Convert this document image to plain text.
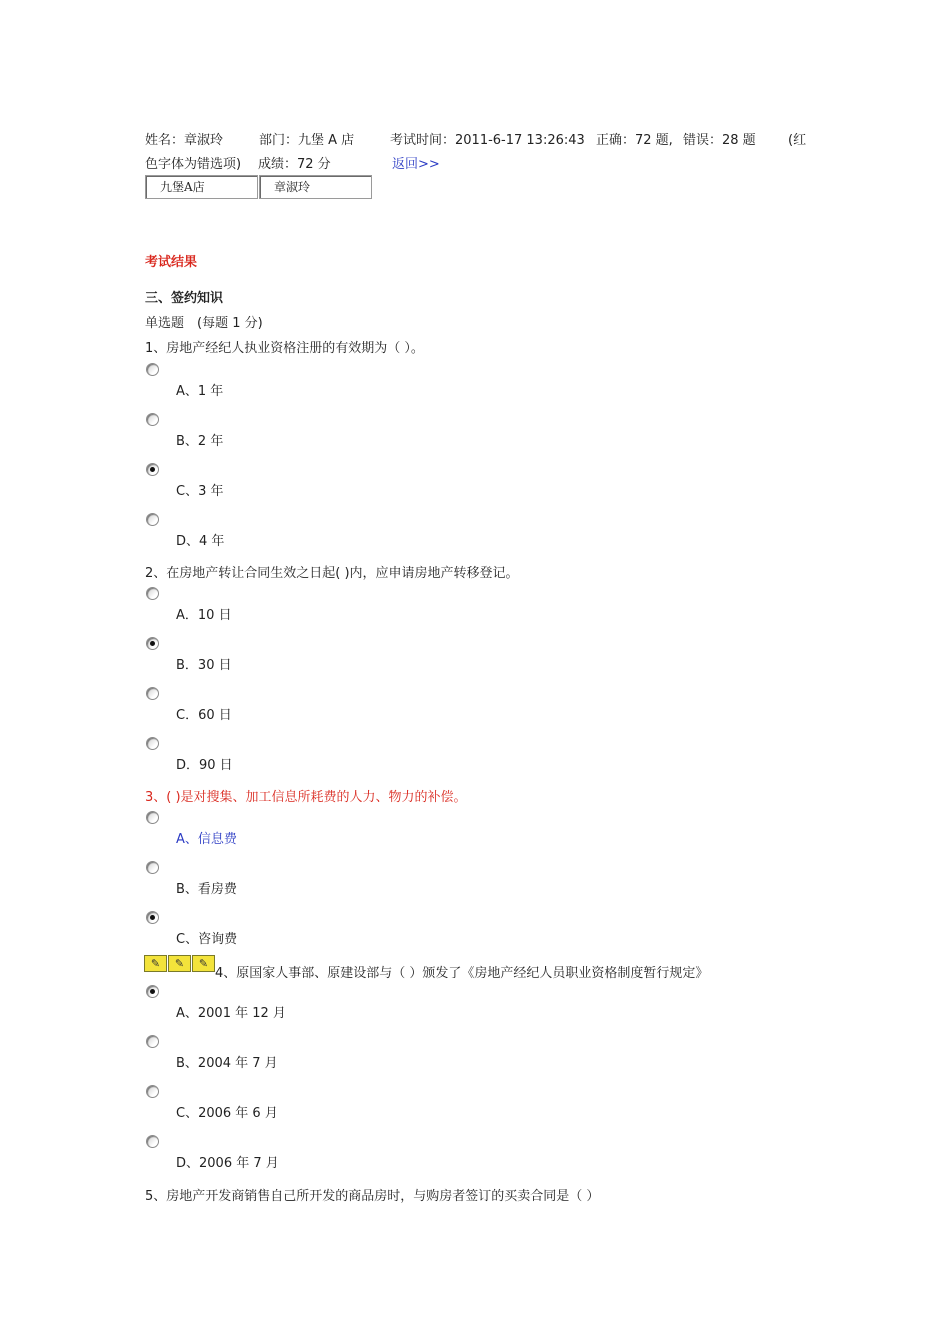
姓名：章淑玲	部门：九堡 A 店	考试时间：2011-6-17 13:26:43 正确：72 题, 错误：28 题 (红
色字体为错选项) 成绩：72 分	返回>>
九堡A店	章淑玲
考试结果
三、签约知识
单选题　(每题 1 分)
1、房地产经纪人执业资格注册的有效期为（ ）。
A、1 年
B、2 年
C、3 年
D、4 年
2、在房地产转让合同生效之日起( )内，应申请房地产转移登记。
A．10 日
B．30 日
C．60 日
D．90 日
3、( )是对搜集、加工信息所耗费的人力、物力的补偿。
A、信息费
B、看房费
C、咨询费
✎	✎	✎
4、原国家人事部、原建设部与（ ）颁发了《房地产经纪人员职业资格制度暂行规定》
A、2001 年 12 月
B、2004 年 7 月
C、2006 年 6 月
D、2006 年 7 月
5、房地产开发商销售自己所开发的商品房时，与购房者签订的买卖合同是（ ）
